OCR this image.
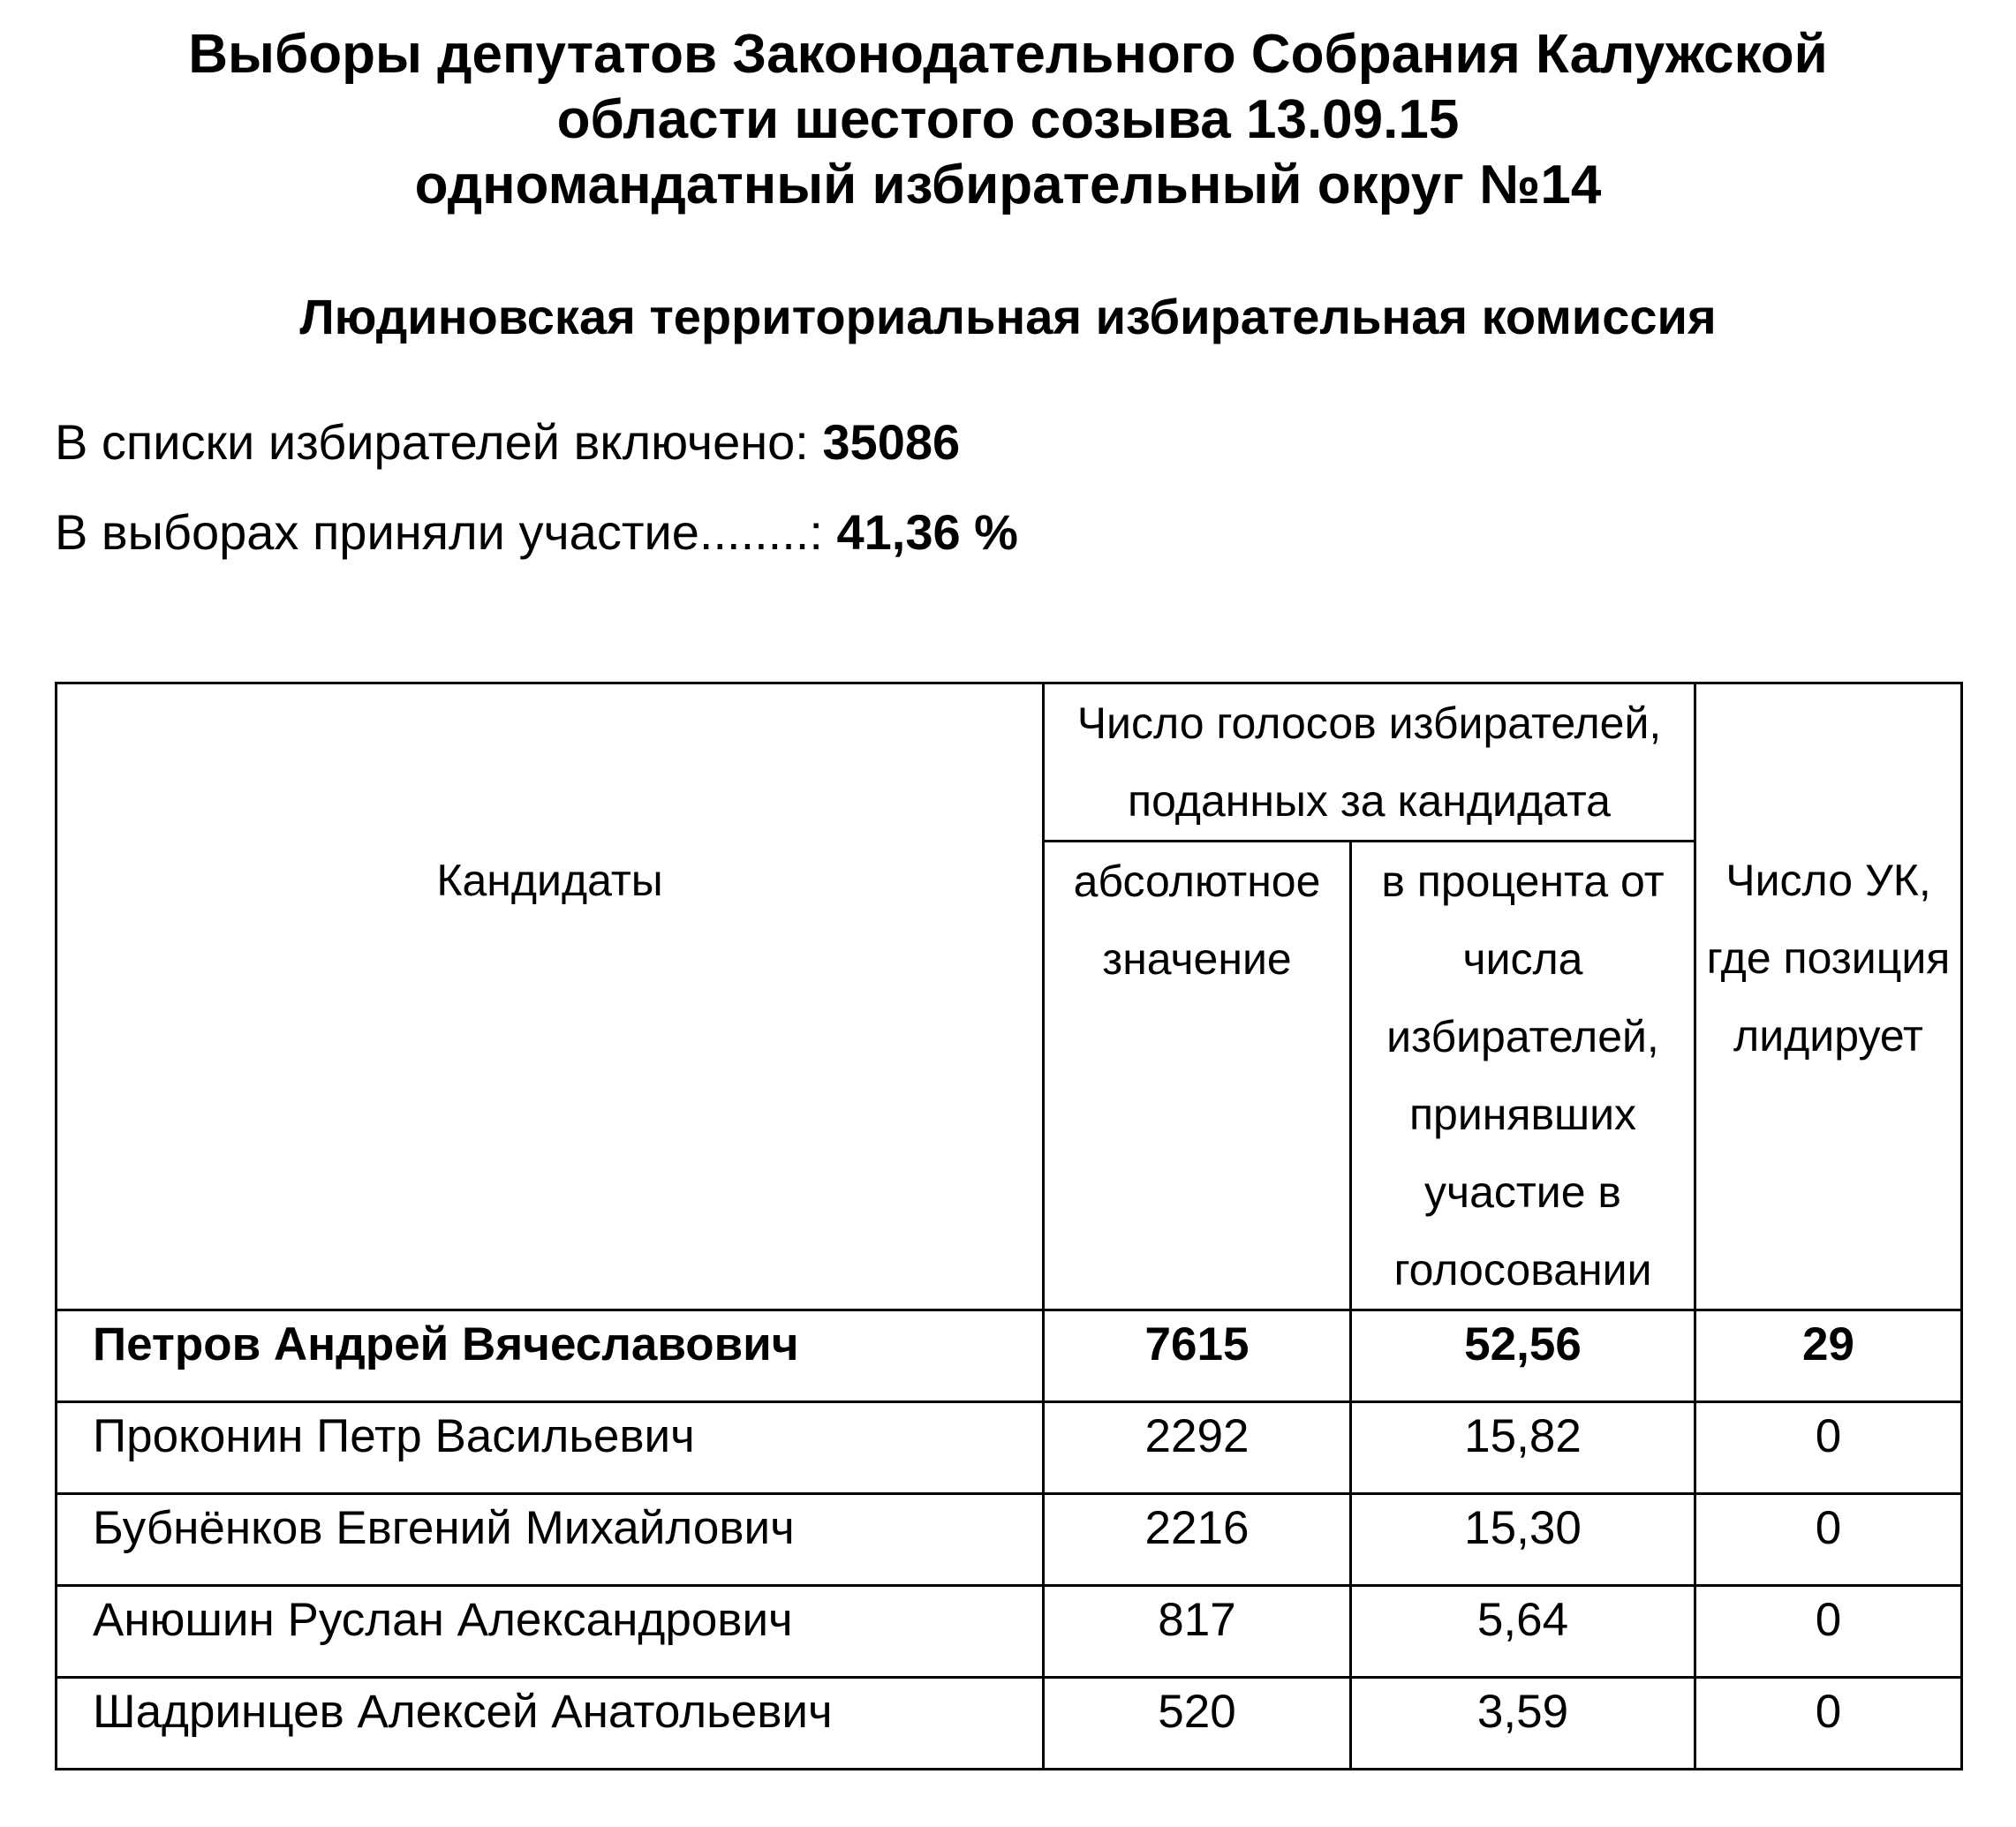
Выборы депутатов Законодательного Собрания Калужской
области шестого созыва 13.09.15
одномандатный избирательный округ №14
Людиновская территориальная избирательная комиссия

В списки избирателей включено: 35086

В выборах приняли участие........: 41,36 %

Кандидаты	Число голосов избирателей, поданных за кандидата		Число УК, где позиция лидирует
	абсолютное значение	в процента от числа избирателей, принявших участие в голосовании	
Петров Андрей Вячеславович	7615	52,56	29
Проконин Петр Васильевич	2292	15,82	0
Бубнёнков Евгений Михайлович	2216	15,30	0
Анюшин Руслан Александрович	817	5,64	0
Шадринцев Алексей Анатольевич	520	3,59	0
